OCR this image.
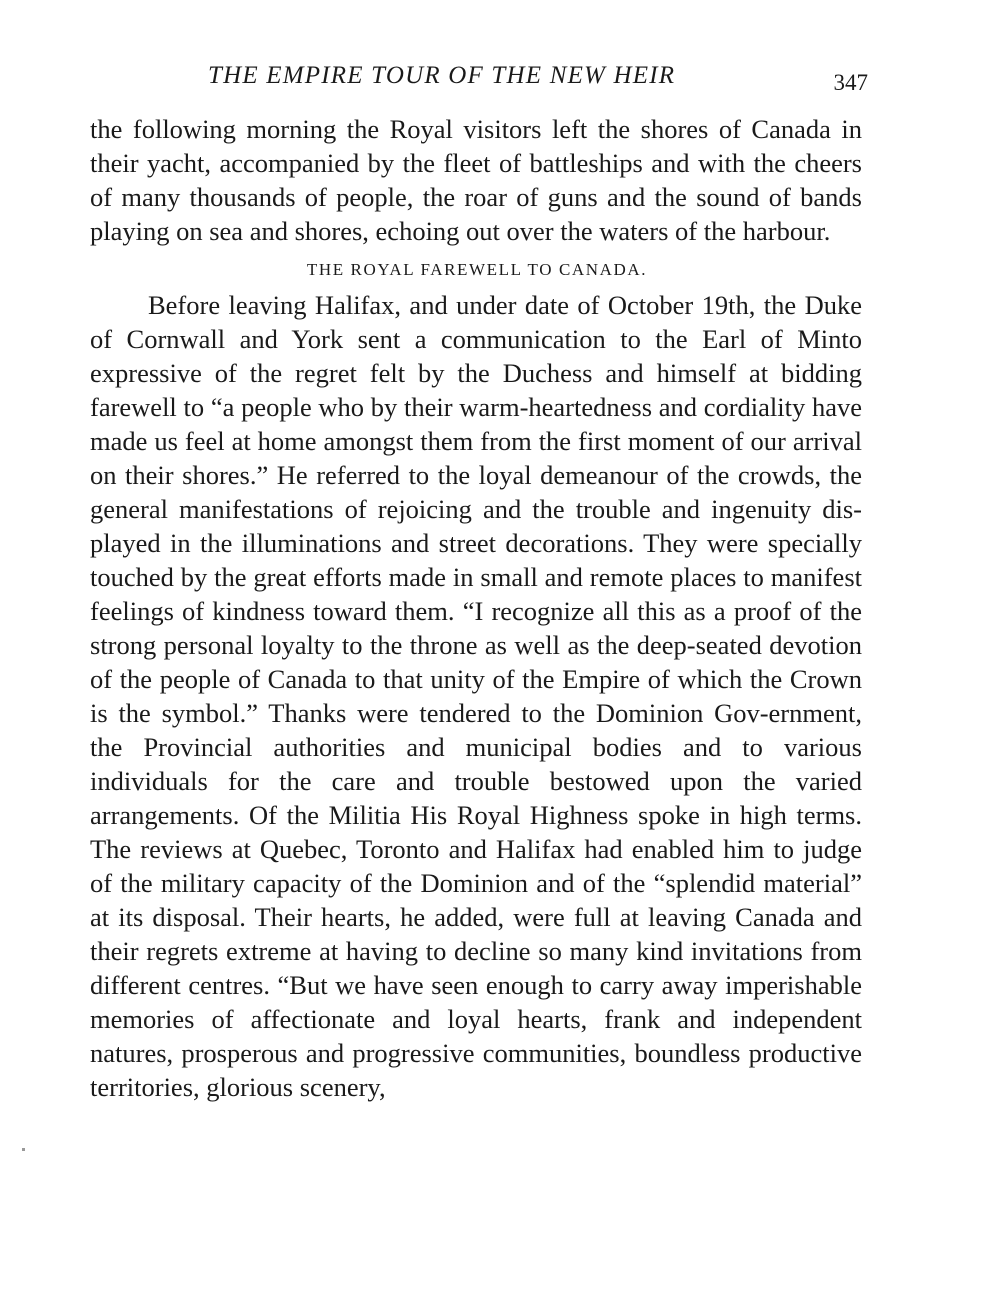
THE EMPIRE TOUR OF THE NEW HEIR	347

the following morning the Royal visitors left the shores of Canada in their yacht, accompanied by the fleet of battleships and with the cheers of many thousands of people, the roar of guns and the sound of bands playing on sea and shores, echoing out over the waters of the harbour.

THE ROYAL FAREWELL TO CANADA.

Before leaving Halifax, and under date of October 19th, the Duke of Cornwall and York sent a communication to the Earl of Minto expressive of the regret felt by the Duchess and himself at bidding farewell to “a people who by their warm-heartedness and cordiality have made us feel at home amongst them from the first moment of our arrival on their shores.” He referred to the loyal demeanour of the crowds, the general manifestations of rejoicing and the trouble and ingenuity dis-played in the illuminations and street decorations. They were specially touched by the great efforts made in small and remote places to manifest feelings of kindness toward them. “I recognize all this as a proof of the strong personal loyalty to the throne as well as the deep-seated devotion of the people of Canada to that unity of the Empire of which the Crown is the symbol.” Thanks were tendered to the Dominion Gov-ernment, the Provincial authorities and municipal bodies and to various individuals for the care and trouble bestowed upon the varied arrangements. Of the Militia His Royal Highness spoke in high terms. The reviews at Quebec, Toronto and Halifax had enabled him to judge of the military capacity of the Dominion and of the “splendid material” at its disposal. Their hearts, he added, were full at leaving Canada and their regrets extreme at having to decline so many kind invitations from different centres. “But we have seen enough to carry away imperishable memories of affectionate and loyal hearts, frank and independent natures, prosperous and progressive communities, boundless productive territories, glorious scenery,
